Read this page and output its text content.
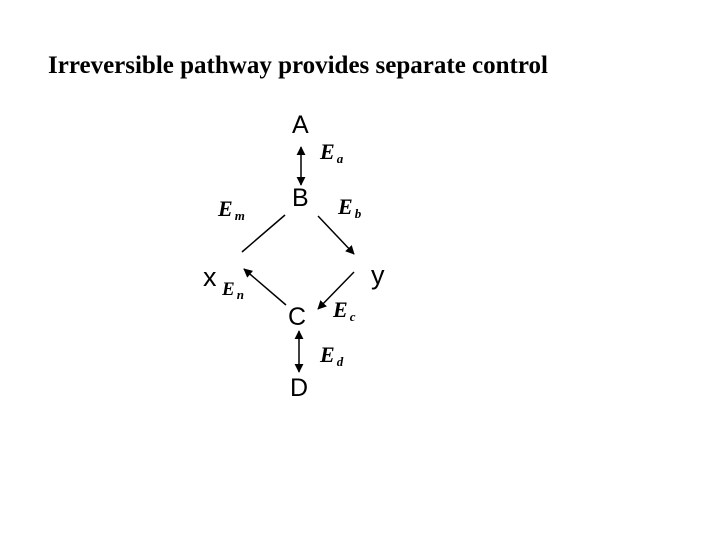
Irreversible pathway provides separate control
A
B
C
D
x	y
E $_a$
E $_b$
E $_m$
E $_n$
E $_c$
E $_d$
